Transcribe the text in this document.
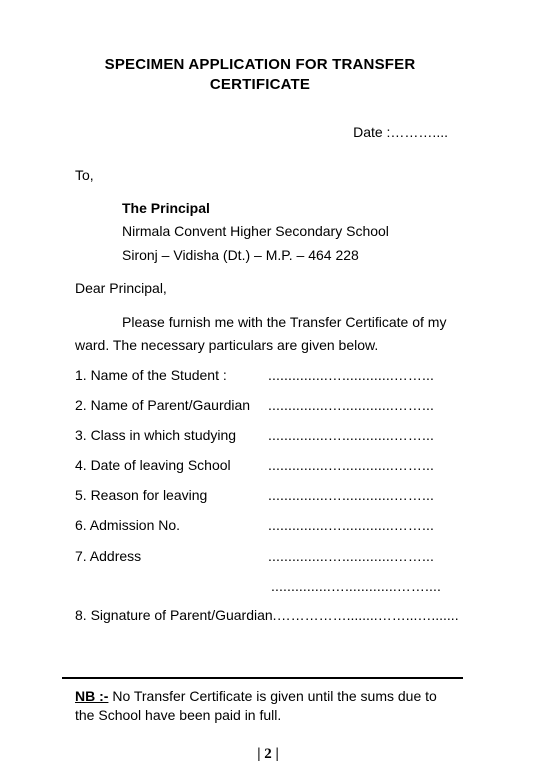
SPECIMEN APPLICATION FOR TRANSFER
CERTIFICATE
Date :………....
To,
The Principal
Nirmala Convent Higher Secondary School
Sironj – Vidisha (Dt.) – M.P. – 464 228
Dear Principal,
Please furnish me with the Transfer Certificate of my ward. The necessary particulars are given below.
1. Name of the Student :	...............….............……...
2. Name of Parent/Gaurdian ...............….............……...
3. Class in which studying ...............….............……...
4. Date of leaving School	...............….............……...
5. Reason for leaving	...............….............……...
6. Admission No.	...............….............……...
7. Address	...............….............……...
...............….............……....
8. Signature of Parent/Guardian.……………........……...….......
NB :- No Transfer Certificate is given until the sums due to the School have been paid in full.
| 2 |
